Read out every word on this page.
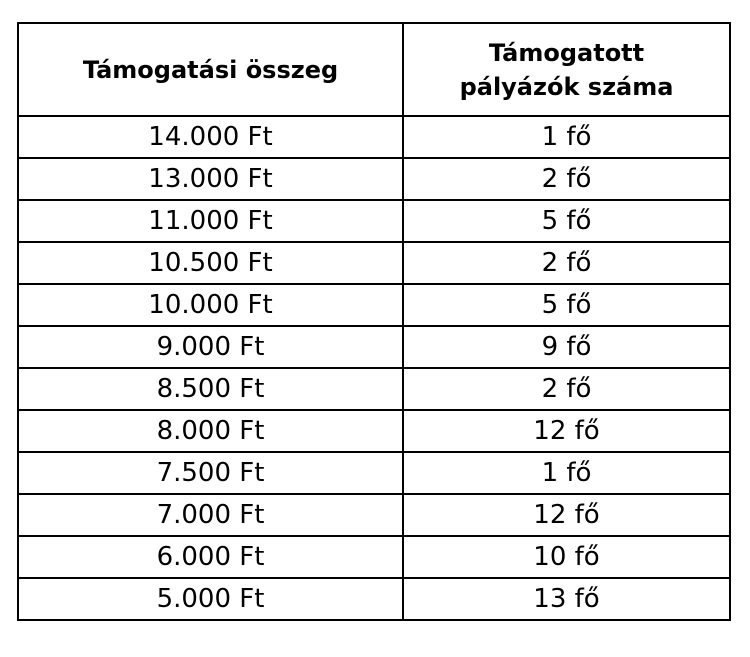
Támogatási összeg	Támogatott
pályázók száma

14.000 Ft	1 fő
13.000 Ft	2 fő
11.000 Ft	5 fő
10.500 Ft	2 fő
10.000 Ft	5 fő
9.000 Ft	9 fő
8.500 Ft	2 fő
8.000 Ft	12 fő
7.500 Ft	1 fő
7.000 Ft	12 fő
6.000 Ft	10 fő
5.000 Ft	13 fő
